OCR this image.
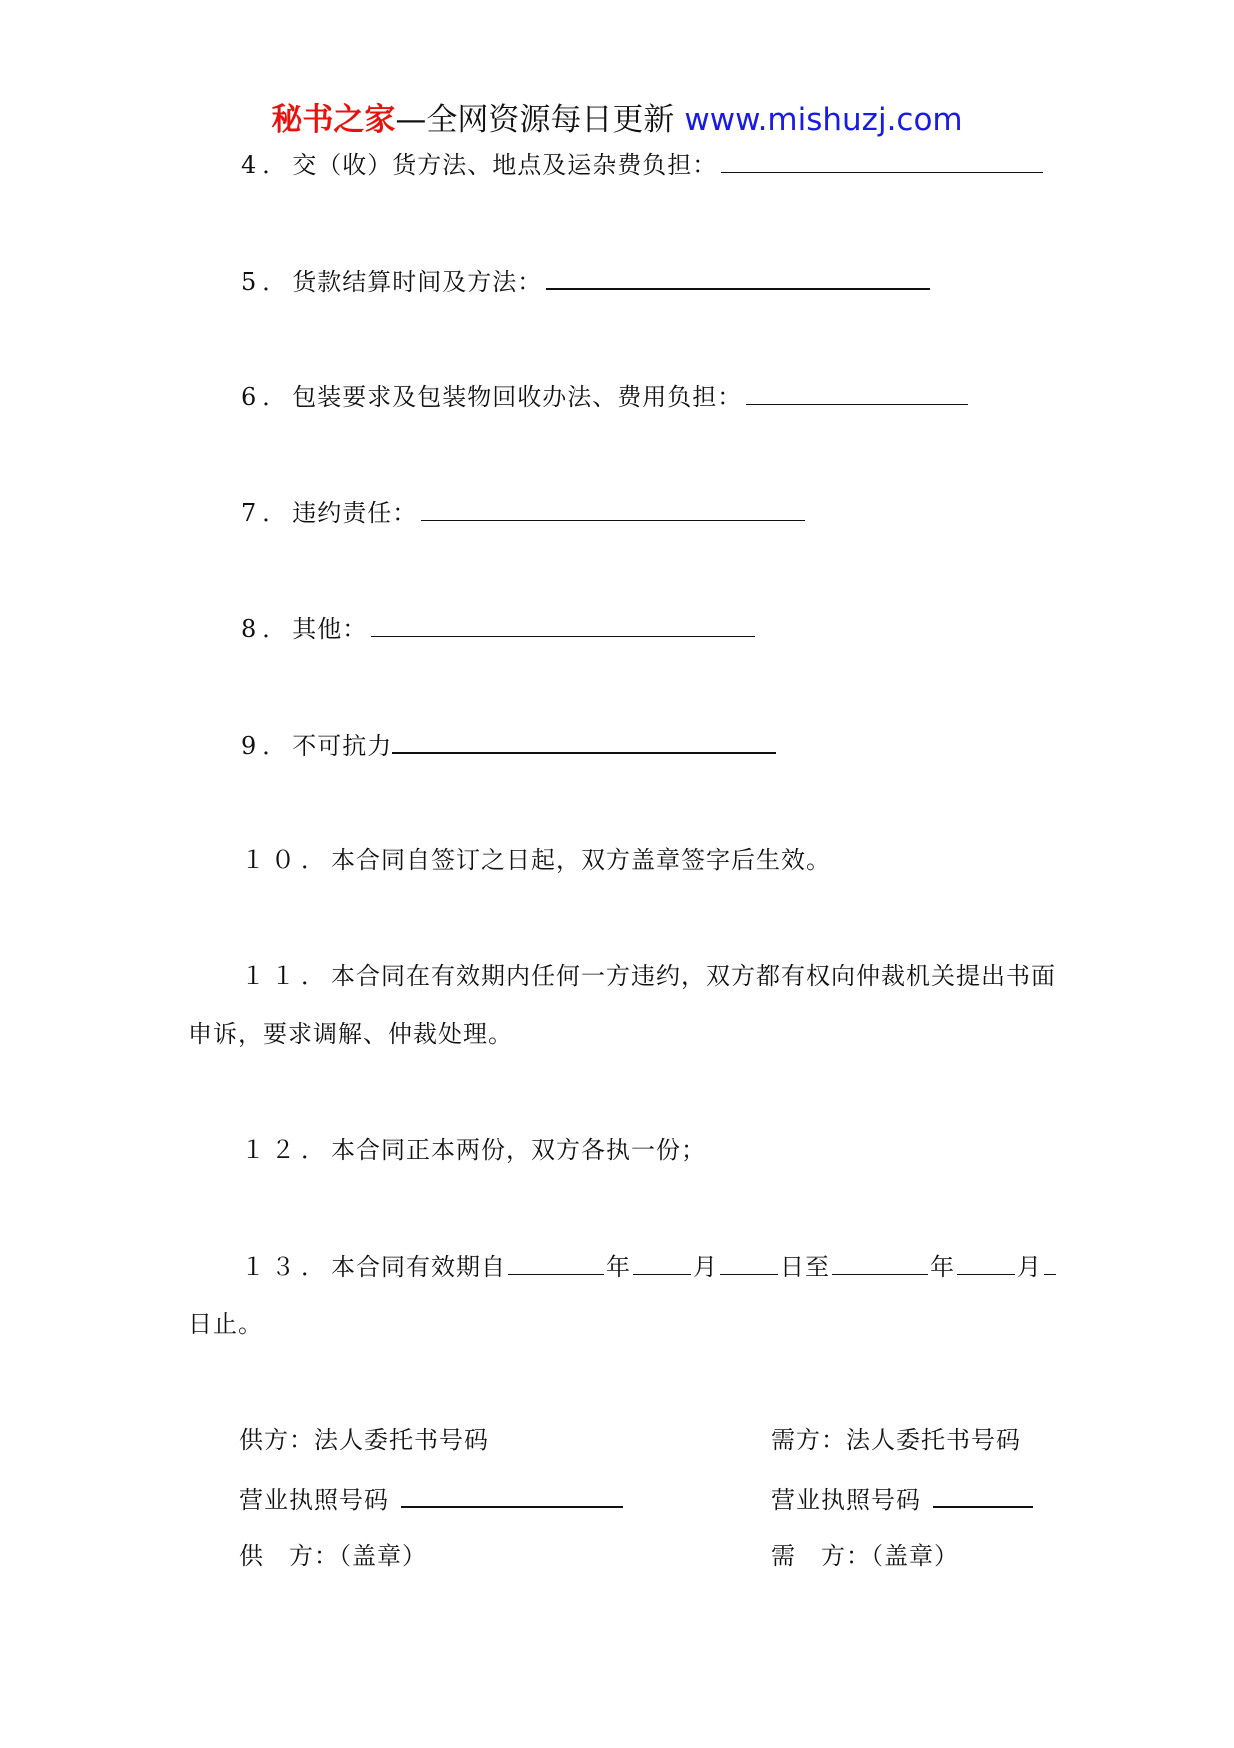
秘书之家—全网资源每日更新 www.mishuzj.com
4．交（收）货方法、地点及运杂费负担：
5．货款结算时间及方法：
6．包装要求及包装物回收办法、费用负担：
7．违约责任：
8．其他：
9．不可抗力
１０．本合同自签订之日起，双方盖章签字后生效。
１１．本合同在有效期内任何一方违约，双方都有权向仲裁机关提出书面
申诉，要求调解、仲裁处理。
１２．本合同正本两份，双方各执一份；
１３．本合同有效期自	年	月	日至	年	月
日止。
供方：法人委托书号码	需方：法人委托书号码
营业执照号码	营业执照号码
供　方：（盖章）	需　方：（盖章）
